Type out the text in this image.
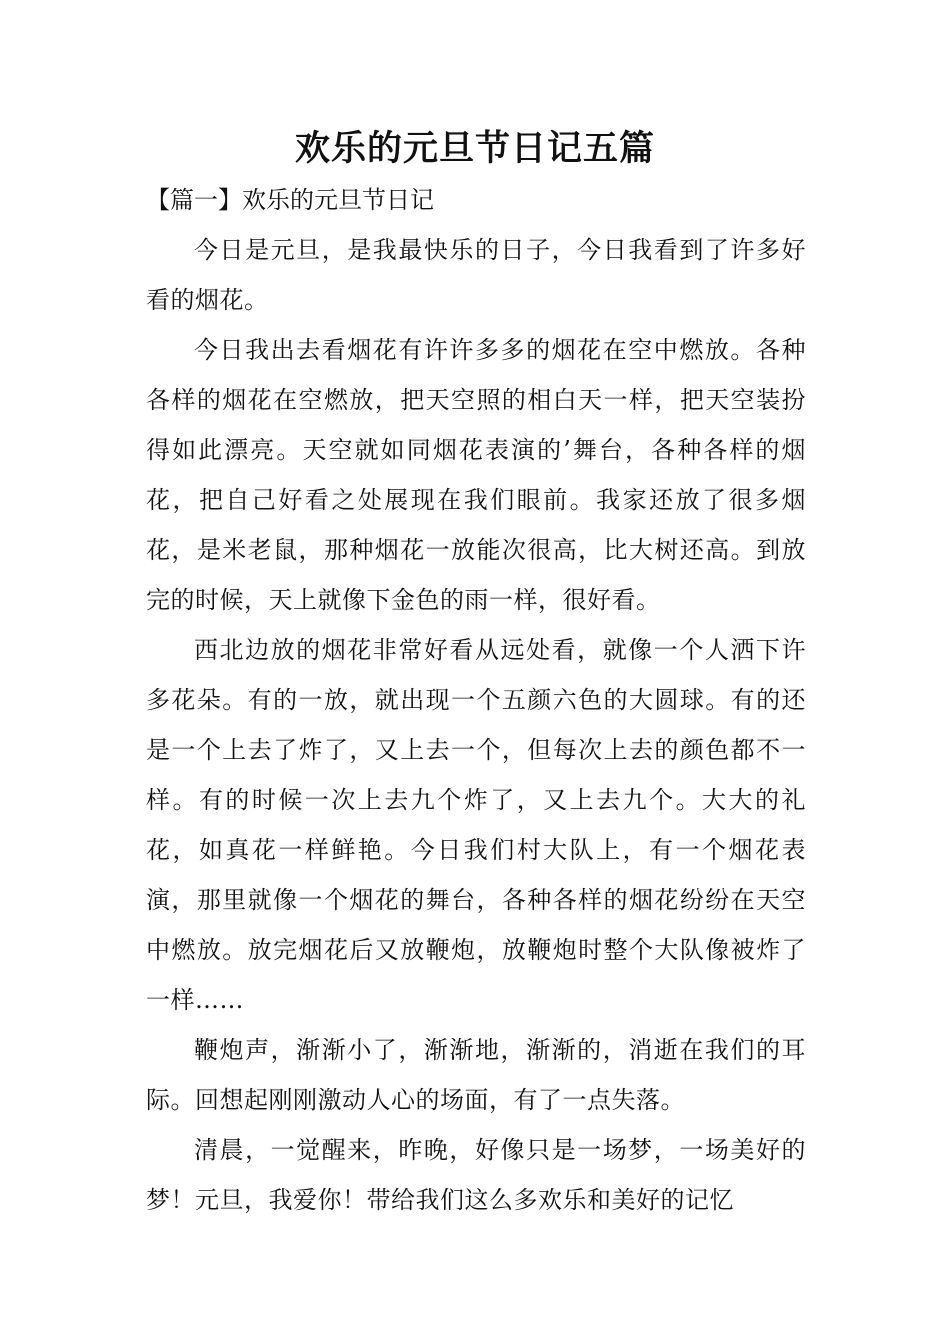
欢乐的元旦节日记五篇
【篇一】欢乐的元旦节日记

今日是元旦，是我最快乐的日子，今日我看到了许多好看的烟花。

今日我出去看烟花有许许多多的烟花在空中燃放。各种各样的烟花在空燃放，把天空照的相白天一样，把天空装扮得如此漂亮。天空就如同烟花表演的’舞台，各种各样的烟花，把自己好看之处展现在我们眼前。我家还放了很多烟花，是米老鼠，那种烟花一放能次很高，比大树还高。到放完的时候，天上就像下金色的雨一样，很好看。

西北边放的烟花非常好看从远处看，就像一个人洒下许多花朵。有的一放，就出现一个五颜六色的大圆球。有的还是一个上去了炸了，又上去一个，但每次上去的颜色都不一样。有的时候一次上去九个炸了，又上去九个。大大的礼花，如真花一样鲜艳。今日我们村大队上，有一个烟花表演，那里就像一个烟花的舞台，各种各样的烟花纷纷在天空中燃放。放完烟花后又放鞭炮，放鞭炮时整个大队像被炸了一样……

鞭炮声，渐渐小了，渐渐地，渐渐的，消逝在我们的耳际。回想起刚刚激动人心的场面，有了一点失落。

清晨，一觉醒来，昨晚，好像只是一场梦，一场美好的梦！元旦，我爱你！带给我们这么多欢乐和美好的记忆
